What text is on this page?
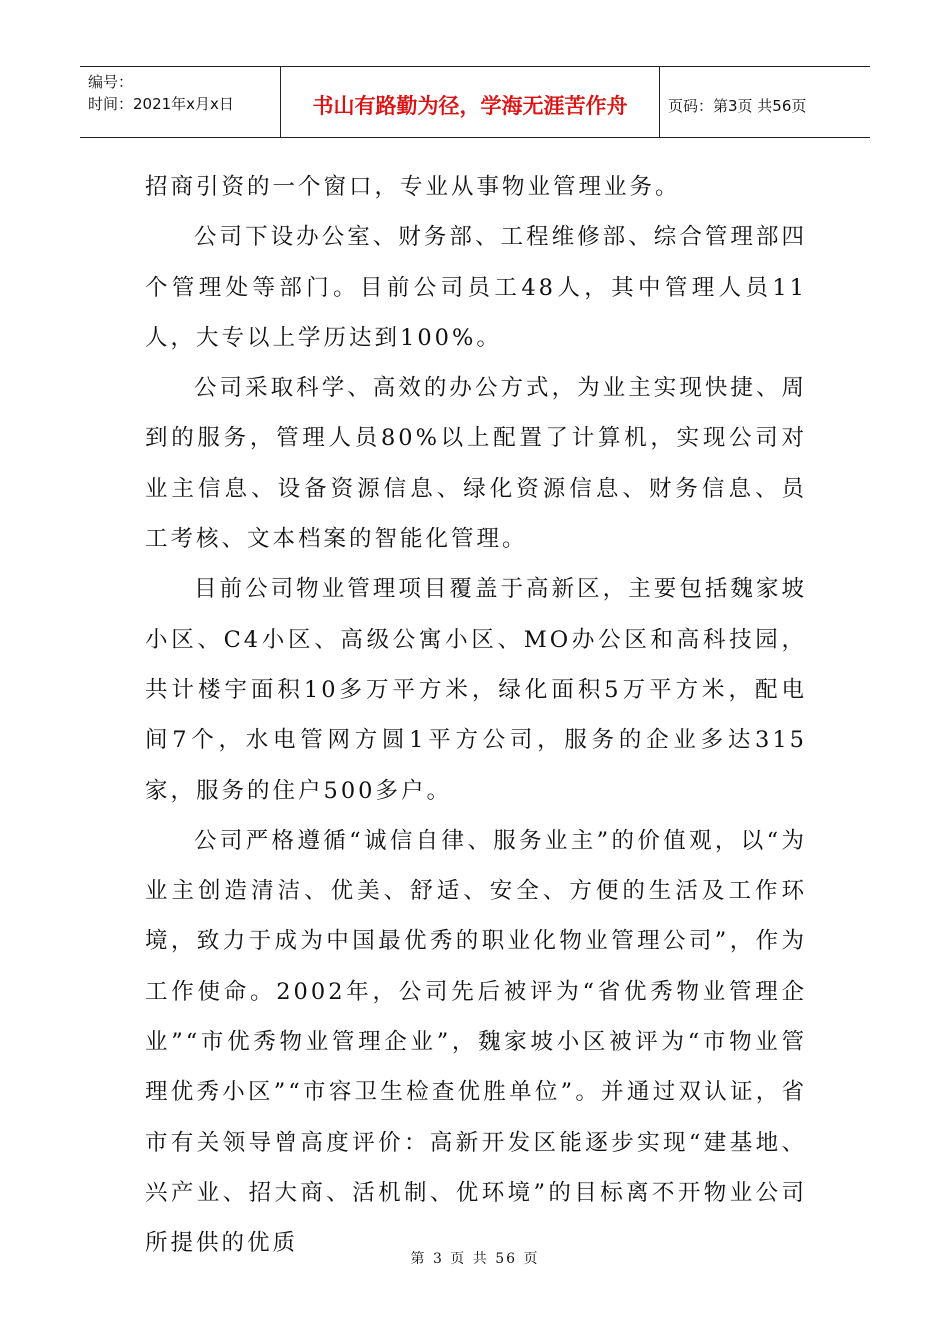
编号：
时间：2021年x月x日	书山有路勤为径，学海无涯苦作舟	页码：第3页 共56页

招商引资的一个窗口，专业从事物业管理业务。

公司下设办公室、财务部、工程维修部、综合管理部四个管理处等部门。目前公司员工48人，其中管理人员11人，大专以上学历达到100%。

公司采取科学、高效的办公方式，为业主实现快捷、周到的服务，管理人员80%以上配置了计算机，实现公司对业主信息、设备资源信息、绿化资源信息、财务信息、员工考核、文本档案的智能化管理。

目前公司物业管理项目覆盖于高新区，主要包括魏家坡小区、C4小区、高级公寓小区、MO办公区和高科技园，共计楼宇面积10多万平方米，绿化面积5万平方米，配电间7个，水电管网方圆1平方公司，服务的企业多达315家，服务的住户500多户。

公司严格遵循“诚信自律、服务业主”的价值观，以“为业主创造清洁、优美、舒适、安全、方便的生活及工作环境，致力于成为中国最优秀的职业化物业管理公司”，作为工作使命。2002年，公司先后被评为“省优秀物业管理企业”“市优秀物业管理企业”，魏家坡小区被评为“市物业管理优秀小区”“市容卫生检查优胜单位”。并通过双认证，省市有关领导曾高度评价：高新开发区能逐步实现“建基地、兴产业、招大商、活机制、优环境”的目标离不开物业公司所提供的优质

第 3 页 共 56 页
